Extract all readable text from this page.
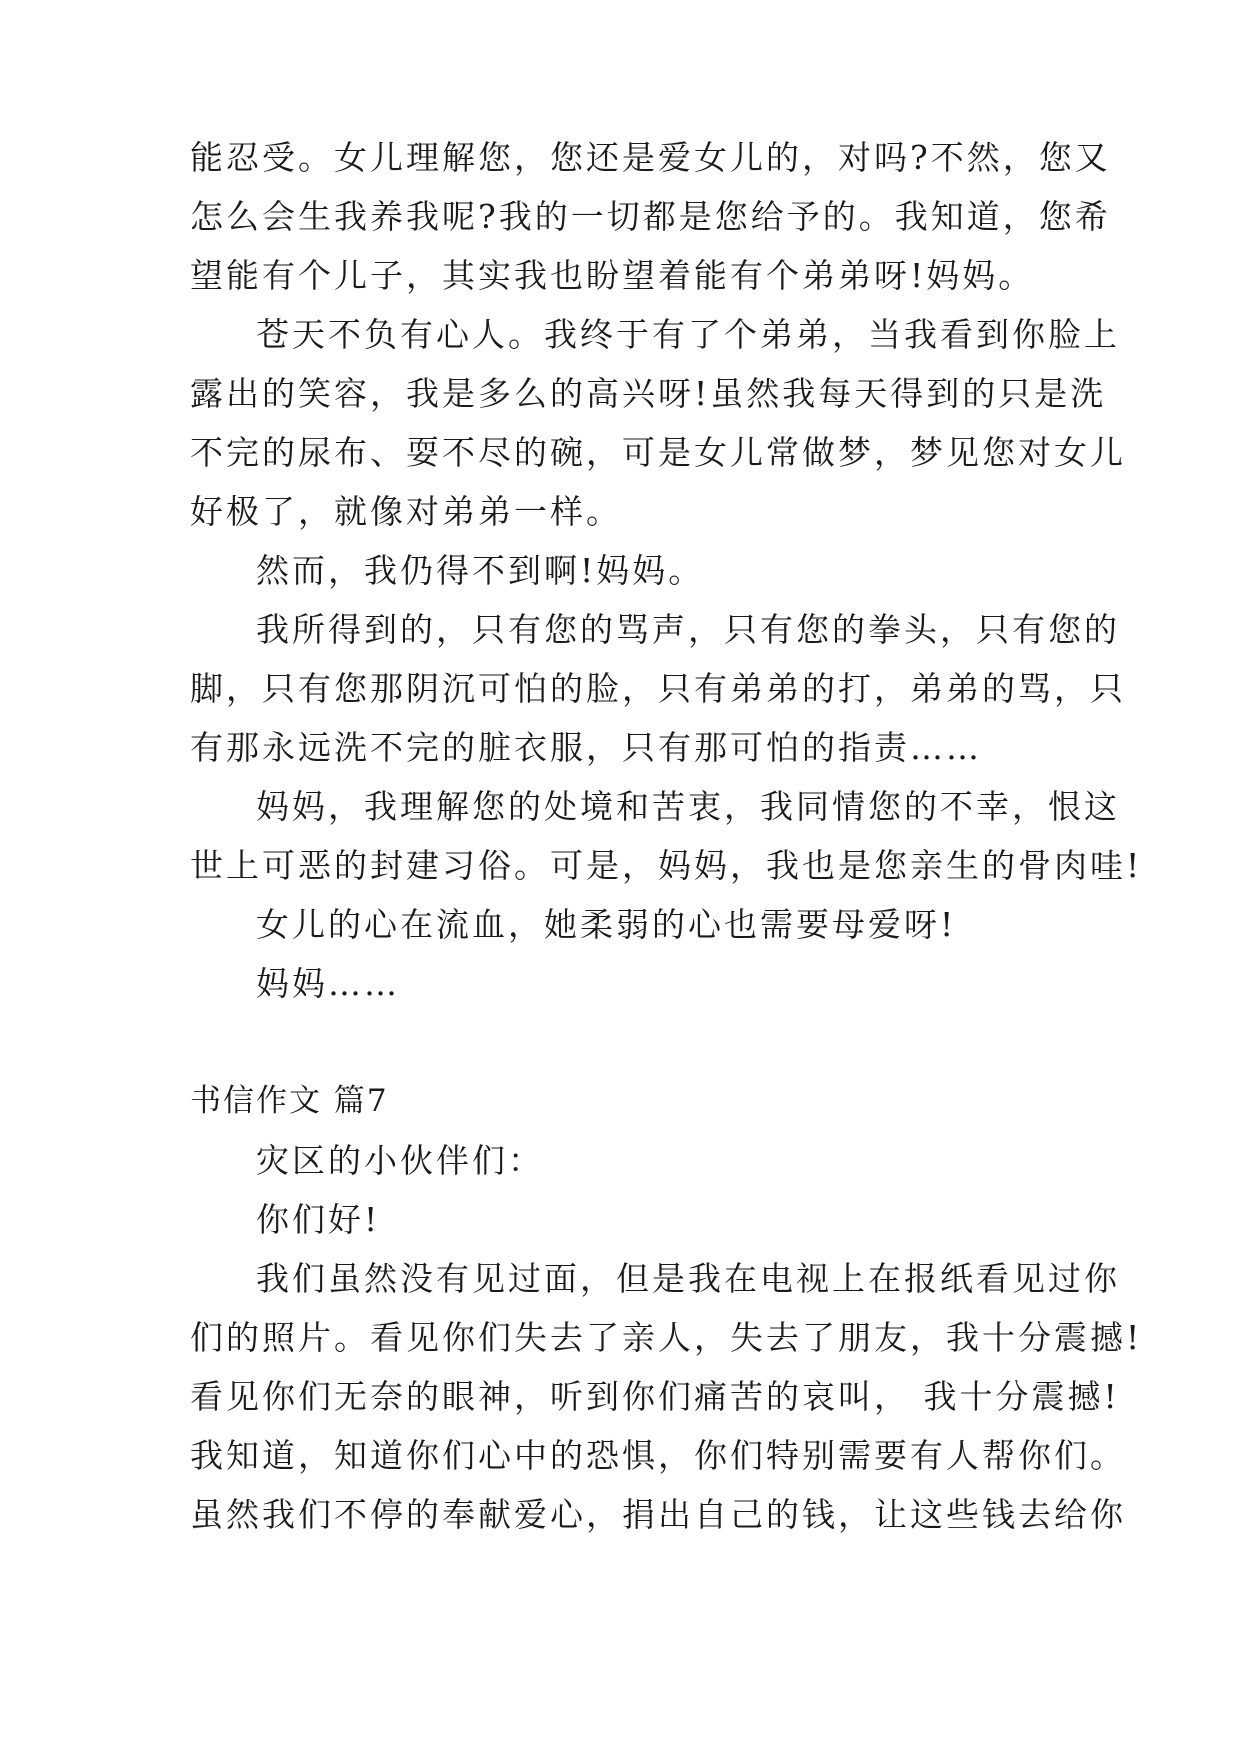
能忍受。女儿理解您，您还是爱女儿的，对吗?不然，您又
怎么会生我养我呢?我的一切都是您给予的。我知道，您希
望能有个儿子，其实我也盼望着能有个弟弟呀!妈妈。
苍天不负有心人。我终于有了个弟弟，当我看到你脸上
露出的笑容，我是多么的高兴呀!虽然我每天得到的只是洗
不完的尿布、耍不尽的碗，可是女儿常做梦，梦见您对女儿
好极了，就像对弟弟一样。
然而，我仍得不到啊!妈妈。
我所得到的，只有您的骂声，只有您的拳头，只有您的
脚，只有您那阴沉可怕的脸，只有弟弟的打，弟弟的骂，只
有那永远洗不完的脏衣服，只有那可怕的指责……
妈妈，我理解您的处境和苦衷，我同情您的不幸，恨这
世上可恶的封建习俗。可是，妈妈，我也是您亲生的骨肉哇!
女儿的心在流血，她柔弱的心也需要母爱呀!
妈妈……
书信作文 篇7
灾区的小伙伴们：
你们好!
我们虽然没有见过面，但是我在电视上在报纸看见过你
们的照片。看见你们失去了亲人，失去了朋友，我十分震撼!
看见你们无奈的眼神，听到你们痛苦的哀叫， 我十分震撼!
我知道，知道你们心中的恐惧，你们特别需要有人帮你们。
虽然我们不停的奉献爱心，捐出自己的钱，让这些钱去给你
